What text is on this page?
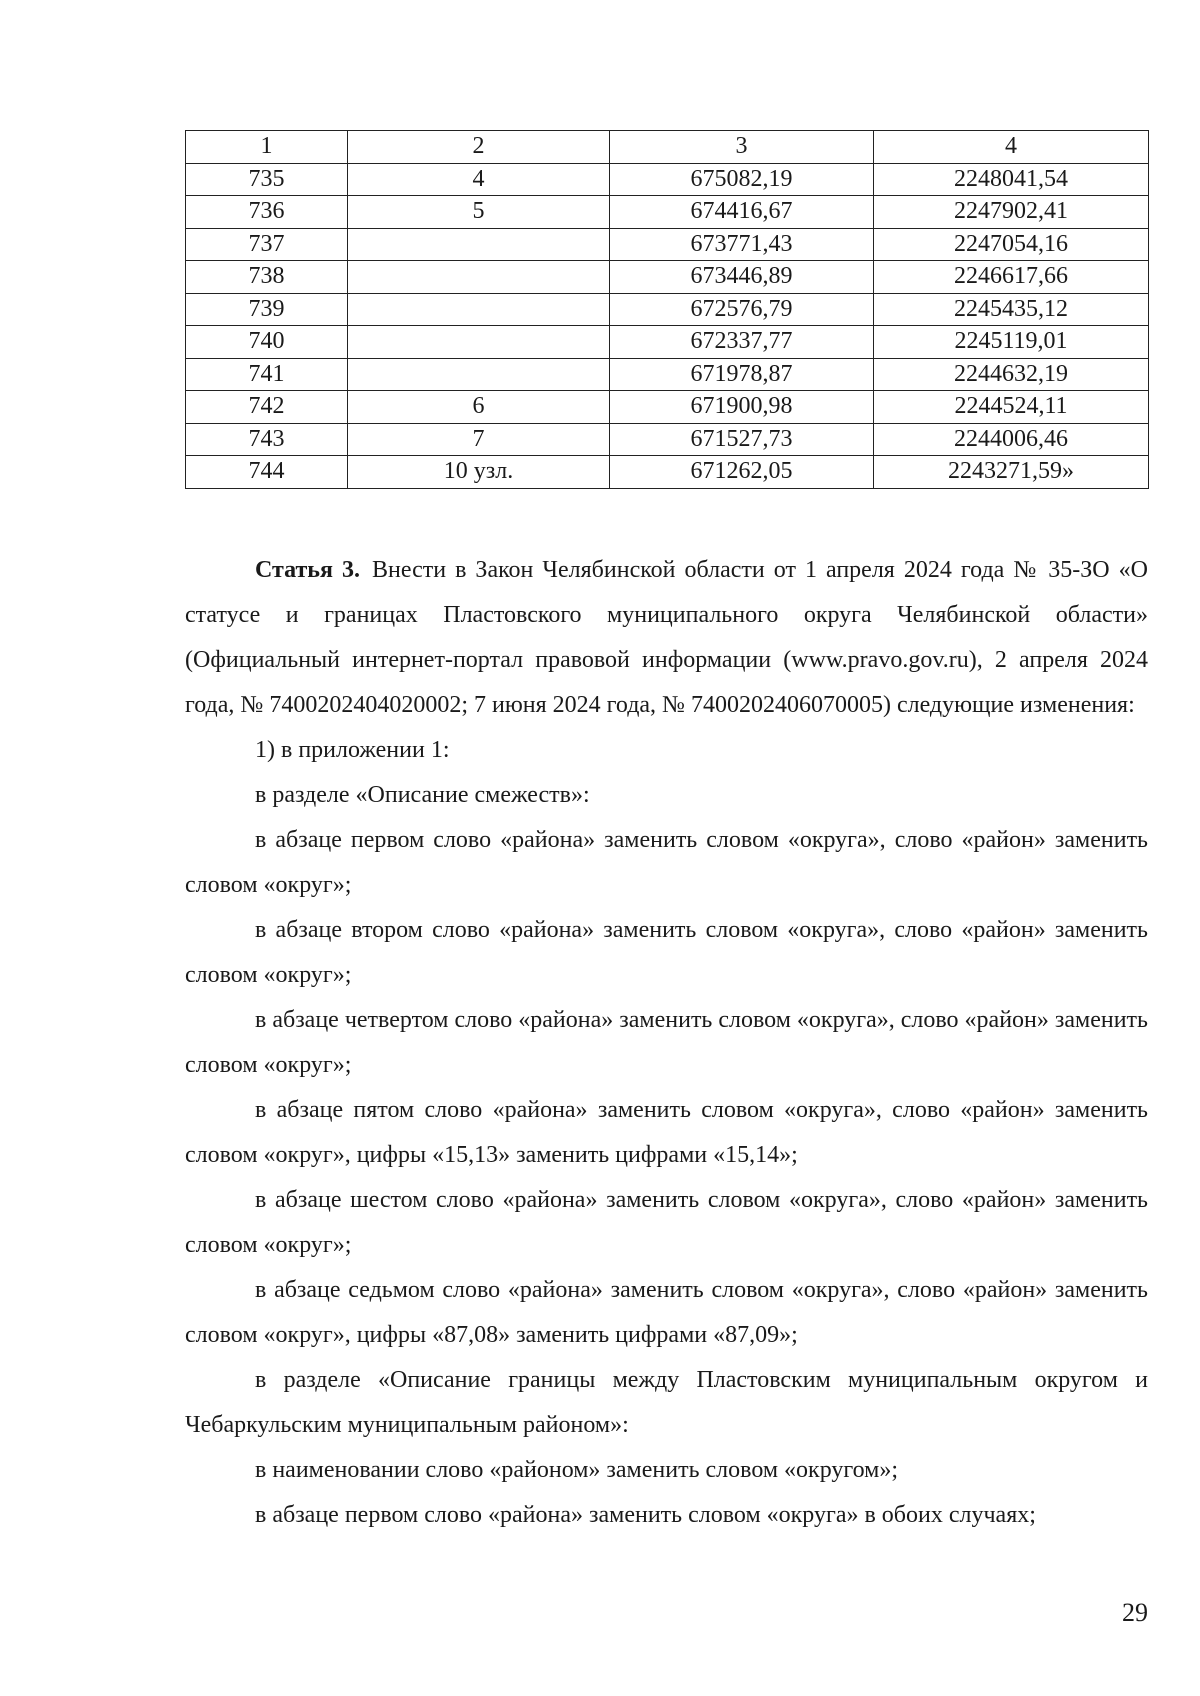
1	2	3	4
735	4	675082,19	2248041,54
736	5	674416,67	2247902,41
737		673771,43	2247054,16
738		673446,89	2246617,66
739		672576,79	2245435,12
740		672337,77	2245119,01
741		671978,87	2244632,19
742	6	671900,98	2244524,11
743	7	671527,73	2244006,46
744	10 узл.	671262,05	2243271,59»

Статья 3. Внести в Закон Челябинской области от 1 апреля 2024 года № 35-ЗО «О статусе и границах Пластовского муниципального округа Челябинской области» (Официальный интернет-портал правовой информации (www.pravo.gov.ru), 2 апреля 2024 года, № 7400202404020002; 7 июня 2024 года, № 7400202406070005) следующие изменения:

1) в приложении 1:

в разделе «Описание смежеств»:

в абзаце первом слово «района» заменить словом «округа», слово «район» заменить словом «округ»;

в абзаце втором слово «района» заменить словом «округа», слово «район» заменить словом «округ»;

в абзаце четвертом слово «района» заменить словом «округа», слово «район» заменить словом «округ»;

в абзаце пятом слово «района» заменить словом «округа», слово «район» заменить словом «округ», цифры «15,13» заменить цифрами «15,14»;

в абзаце шестом слово «района» заменить словом «округа», слово «район» заменить словом «округ»;

в абзаце седьмом слово «района» заменить словом «округа», слово «район» заменить словом «округ», цифры «87,08» заменить цифрами «87,09»;

в разделе «Описание границы между Пластовским муниципальным округом и Чебаркульским муниципальным районом»:

в наименовании слово «районом» заменить словом «округом»;

в абзаце первом слово «района» заменить словом «округа» в обоих случаях;

29
